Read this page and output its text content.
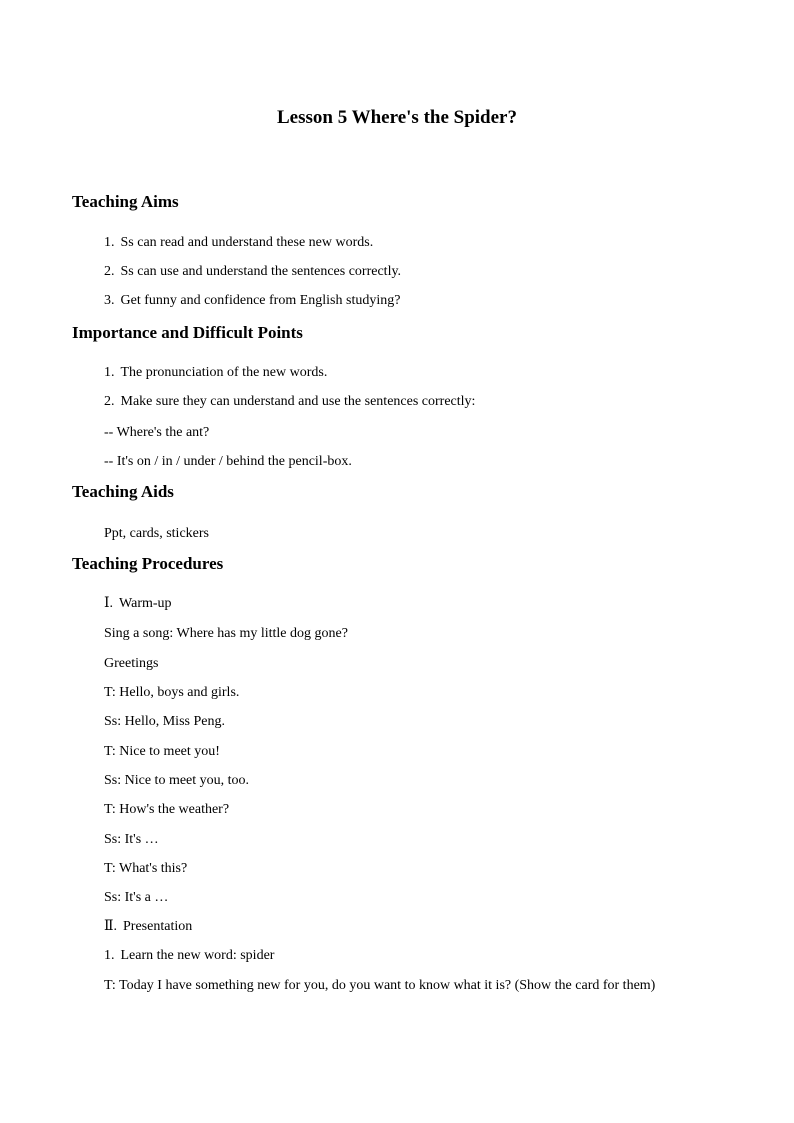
Lesson 5 Where's the Spider?
Teaching Aims
1. Ss can read and understand these new words.
2. Ss can use and understand the sentences correctly.
3. Get funny and confidence from English studying?
Importance and Difficult Points
1. The pronunciation of the new words.
2. Make sure they can understand and use the sentences correctly:
-- Where's the ant?
-- It's on / in / under / behind the pencil-box.
Teaching Aids
Ppt, cards, stickers
Teaching Procedures
Ⅰ. Warm-up
Sing a song: Where has my little dog gone?
Greetings
T: Hello, boys and girls.
Ss: Hello, Miss Peng.
T: Nice to meet you!
Ss: Nice to meet you, too.
T: How's the weather?
Ss: It's …
T: What's this?
Ss: It's a …
Ⅱ. Presentation
1. Learn the new word: spider
T: Today I have something new for you, do you want to know what it is? (Show the card for them)
